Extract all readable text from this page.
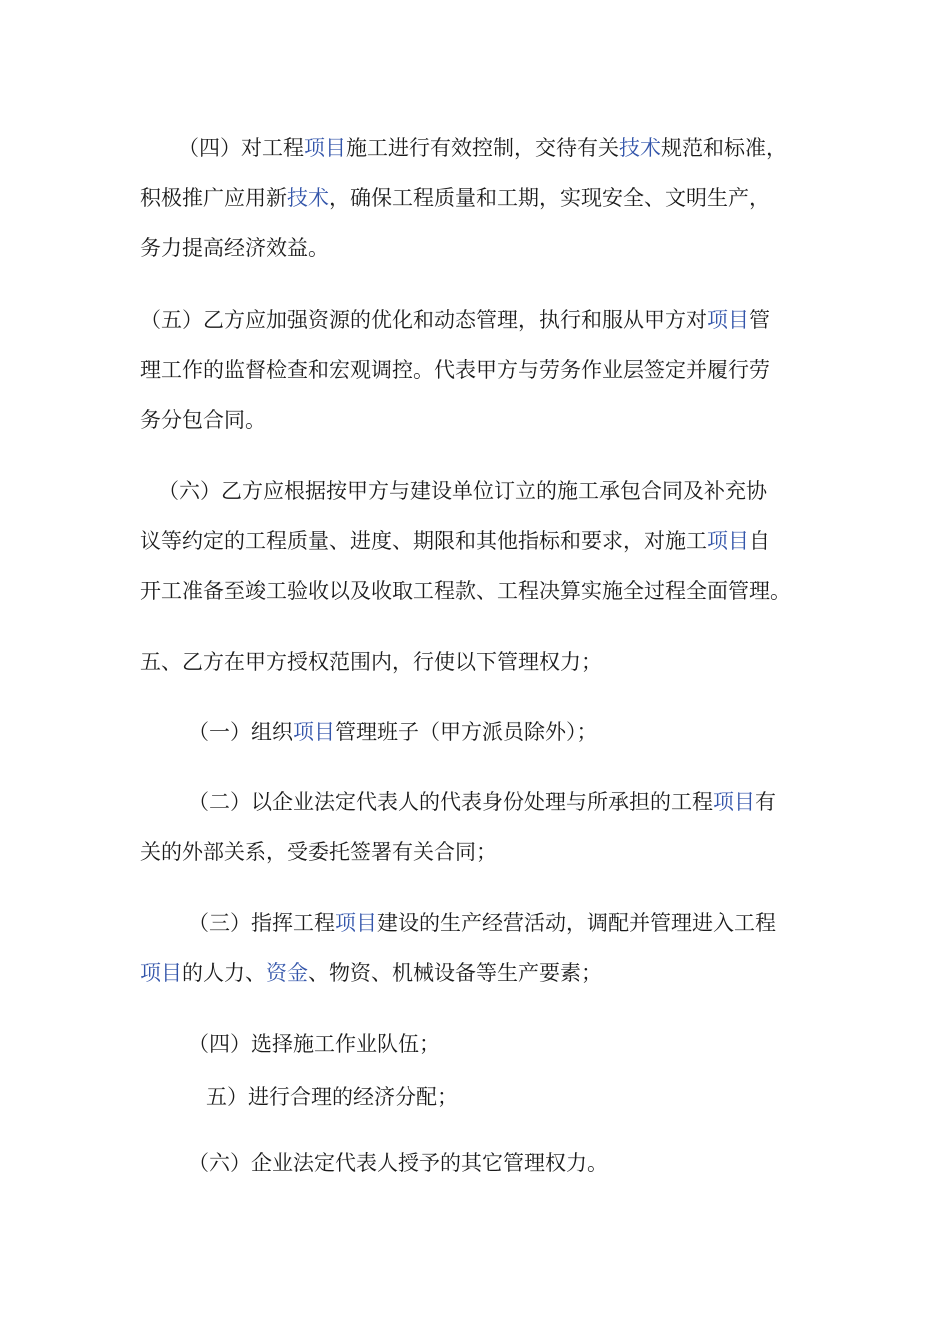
（四）对工程项目施工进行有效控制，交待有关技术规范和标准，
积极推广应用新技术，确保工程质量和工期，实现安全、文明生产，
务力提高经济效益。
（五）乙方应加强资源的优化和动态管理，执行和服从甲方对项目管
理工作的监督检查和宏观调控。代表甲方与劳务作业层签定并履行劳
务分包合同。
（六）乙方应根据按甲方与建设单位订立的施工承包合同及补充协
议等约定的工程质量、进度、期限和其他指标和要求，对施工项目自
开工准备至竣工验收以及收取工程款、工程决算实施全过程全面管理。
五、乙方在甲方授权范围内，行使以下管理权力；
（一）组织项目管理班子（甲方派员除外）；
（二）以企业法定代表人的代表身份处理与所承担的工程项目有
关的外部关系，受委托签署有关合同；
（三）指挥工程项目建设的生产经营活动，调配并管理进入工程
项目的人力、资金、物资、机械设备等生产要素；
（四）选择施工作业队伍；
五）进行合理的经济分配；
（六）企业法定代表人授予的其它管理权力。
